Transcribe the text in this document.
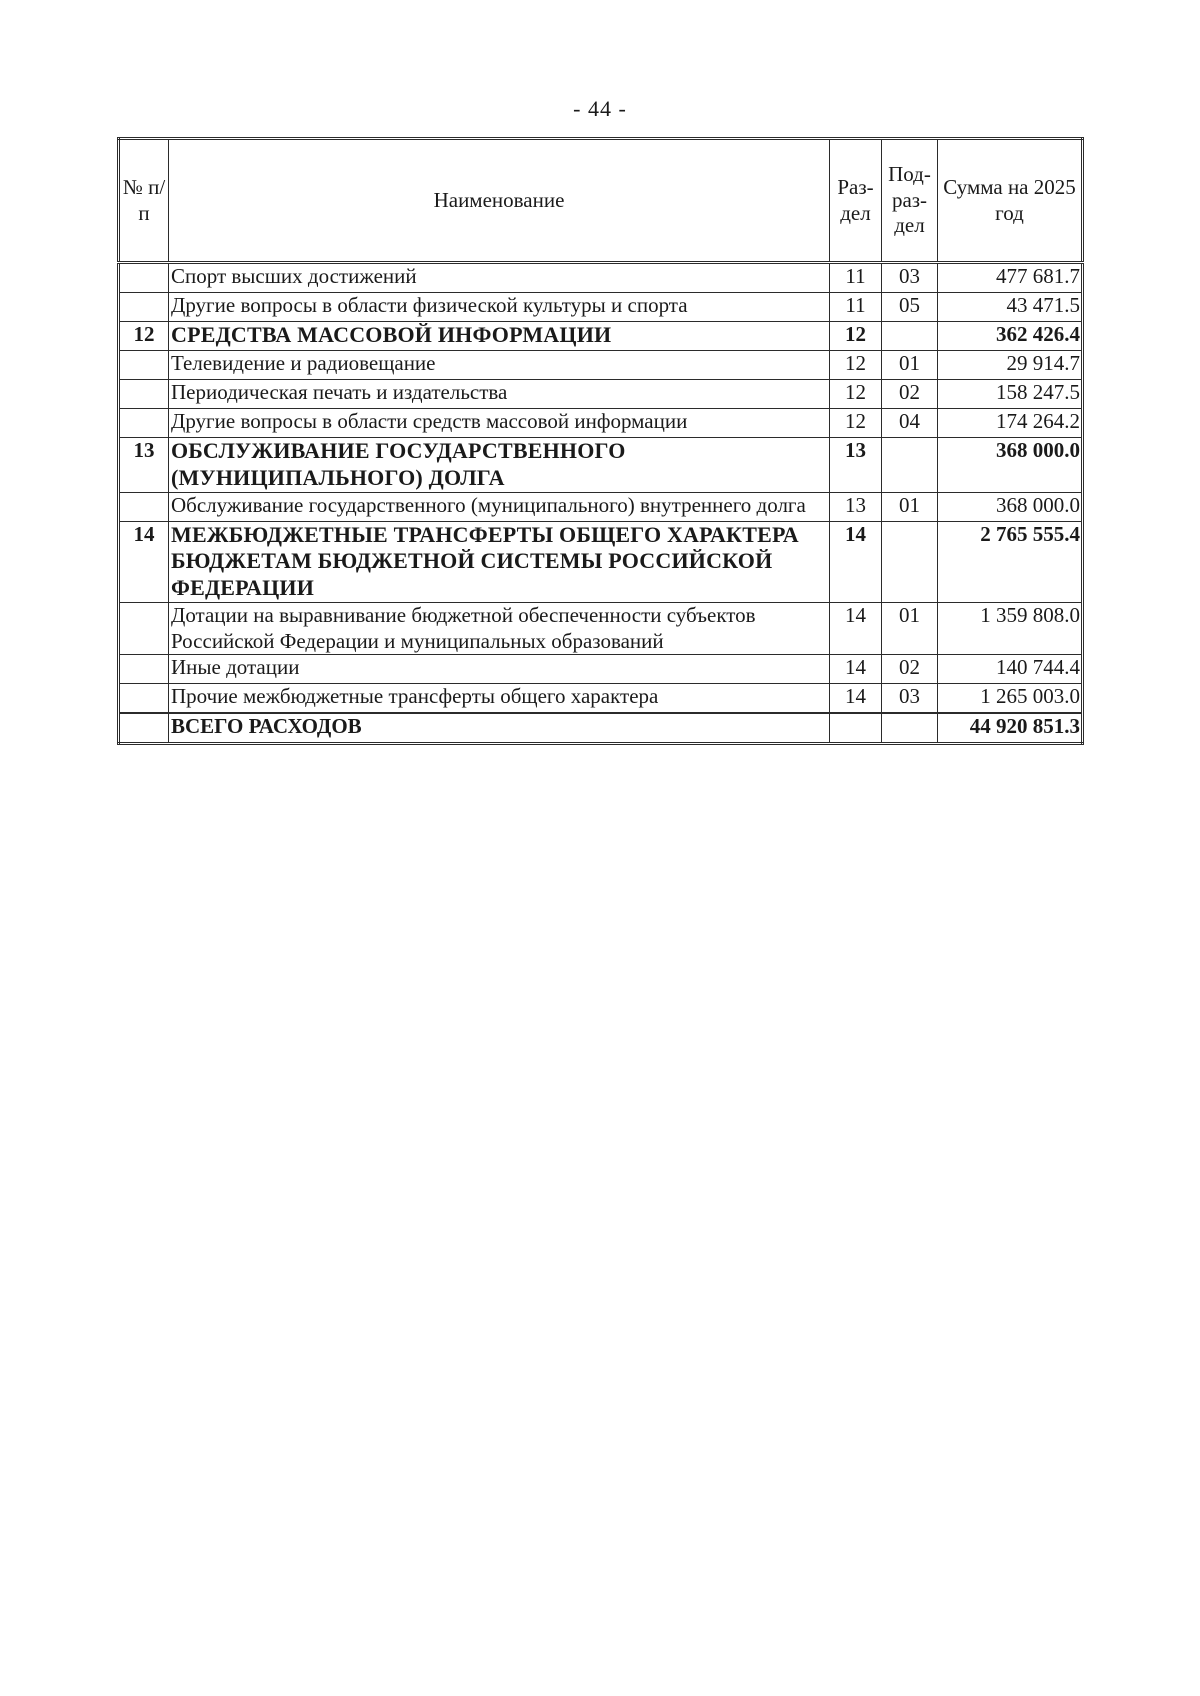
- 44 -
№ п/п	Наименование	Раз-дел	Под-раз-дел	Сумма на 2025 год
	Спорт высших достижений	11	03	477 681.7
	Другие вопросы в области физической культуры и спорта	11	05	43 471.5
12	СРЕДСТВА МАССОВОЙ ИНФОРМАЦИИ	12		362 426.4
	Телевидение и радиовещание	12	01	29 914.7
	Периодическая печать и издательства	12	02	158 247.5
	Другие вопросы в области средств массовой информации	12	04	174 264.2
13	ОБСЛУЖИВАНИЕ ГОСУДАРСТВЕННОГО (МУНИЦИПАЛЬНОГО) ДОЛГА	13		368 000.0
	Обслуживание государственного (муниципального) внутреннего долга	13	01	368 000.0
14	МЕЖБЮДЖЕТНЫЕ ТРАНСФЕРТЫ ОБЩЕГО ХАРАКТЕРА БЮДЖЕТАМ БЮДЖЕТНОЙ СИСТЕМЫ РОССИЙСКОЙ ФЕДЕРАЦИИ	14		2 765 555.4
	Дотации на выравнивание бюджетной обеспеченности субъектов Российской Федерации и муниципальных образований	14	01	1 359 808.0
	Иные дотации	14	02	140 744.4
	Прочие межбюджетные трансферты общего характера	14	03	1 265 003.0
	ВСЕГО РАСХОДОВ			44 920 851.3
